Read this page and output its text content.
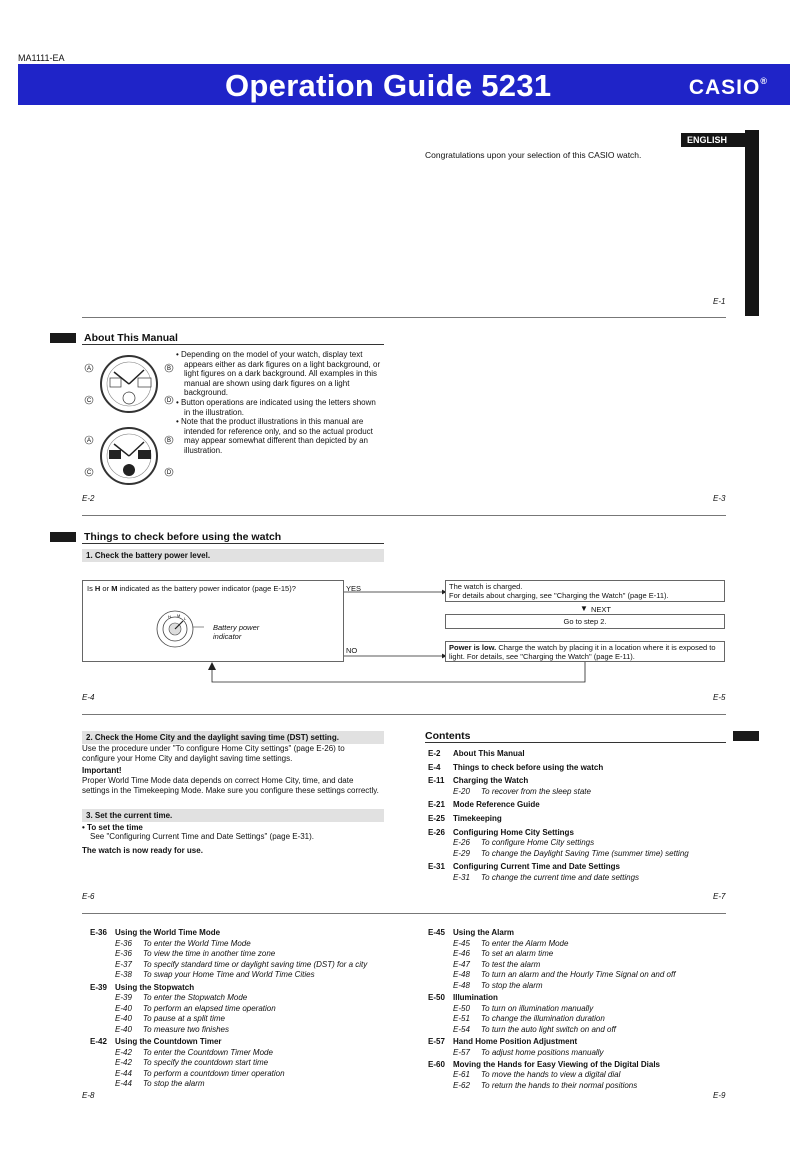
MA1111-EA
Operation Guide 5231	CASIO®
ENGLISH
Congratulations upon your selection of this CASIO watch.
E-1
About This Manual
A	B
C	D
A	B
C	D
• Depending on the model of your watch, display text appears either as dark figures on a light background, or light figures on a dark background. All examples in this manual are shown using dark figures on a light background.
• Button operations are indicated using the letters shown in the illustration.
• Note that the product illustrations in this manual are intended for reference only, and so the actual product may appear somewhat different than depicted by an illustration.
E-2	E-3
Things to check before using the watch
1. Check the battery power level.
Is H or M indicated as the battery power indicator (page E-15)?
H M
L
Battery power
indicator
YES
NO
The watch is charged.
For details about charging, see "Charging the Watch" (page E-11).
▼ NEXT
Go to step 2.
Power is low. Charge the watch by placing it in a location where it is exposed to light. For details, see "Charging the Watch" (page E-11).
E-4	E-5
2. Check the Home City and the daylight saving time (DST) setting.
Use the procedure under "To configure Home City settings" (page E-26) to configure your Home City and daylight saving time settings.
Important!
Proper World Time Mode data depends on correct Home City, time, and date settings in the Timekeeping Mode. Make sure you configure these settings correctly.
3. Set the current time.
• To set the time
See "Configuring Current Time and Date Settings" (page E-31).
The watch is now ready for use.
E-6
Contents
E-2 About This Manual
E-4 Things to check before using the watch
E-11 Charging the Watch
E-20 To recover from the sleep state
E-21 Mode Reference Guide
E-25 Timekeeping
E-26 Configuring Home City Settings
E-26 To configure Home City settings
E-29 To change the Daylight Saving Time (summer time) setting
E-31 Configuring Current Time and Date Settings
E-31 To change the current time and date settings
E-7
E-36 Using the World Time Mode
E-36 To enter the World Time Mode
E-36 To view the time in another time zone
E-37 To specify standard time or daylight saving time (DST) for a city
E-38 To swap your Home Time and World Time Cities
E-39 Using the Stopwatch
E-39 To enter the Stopwatch Mode
E-40 To perform an elapsed time operation
E-40 To pause at a split time
E-40 To measure two finishes
E-42 Using the Countdown Timer
E-42 To enter the Countdown Timer Mode
E-42 To specify the countdown start time
E-44 To perform a countdown timer operation
E-44 To stop the alarm
E-45 Using the Alarm
E-45 To enter the Alarm Mode
E-46 To set an alarm time
E-47 To test the alarm
E-48 To turn an alarm and the Hourly Time Signal on and off
E-48 To stop the alarm
E-50 Illumination
E-50 To turn on illumination manually
E-51 To change the illumination duration
E-54 To turn the auto light switch on and off
E-57 Hand Home Position Adjustment
E-57 To adjust home positions manually
E-60 Moving the Hands for Easy Viewing of the Digital Dials
E-61 To move the hands to view a digital dial
E-62 To return the hands to their normal positions
E-8	E-9
